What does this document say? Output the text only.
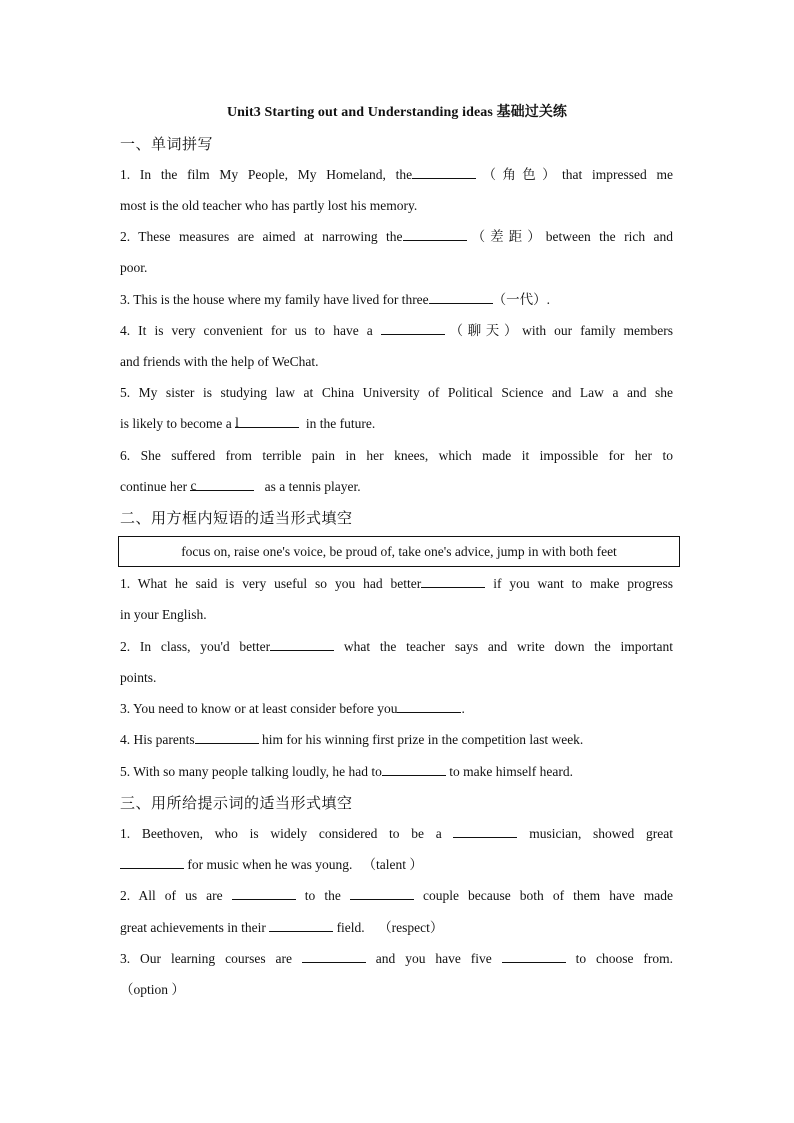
Unit3 Starting out and Understanding ideas 基础过关练
一、单词拼写
1. In the film My People, My Homeland, the	（角色）that impressed me
most is the old teacher who has partly lost his memory.
2. These measures are aimed at narrowing the	（差距）between the rich and
poor.
3. This is the house where my family have lived for three	（一代）.
4. It is very convenient for us to have a	（聊天）with our family members
and friends with the help of WeChat.
5. My sister is studying law at China University of Political Science and Law a and she
is likely to become a l	in the future.
6. She suffered from terrible pain in her knees, which made it impossible for her to
continue her c	as a tennis player.
二、用方框内短语的适当形式填空
focus on, raise one's voice, be proud of, take one's advice, jump in with both feet
1. What he said is very useful so you had better	if you want to make progress
in your English.
2. In class, you'd better	what the teacher says and write down the important
points.
3. You need to know or at least consider before you	.
4. His parents	him for his winning first prize in the competition last week.
5. With so many people talking loudly, he had to	to make himself heard.
三、用所给提示词的适当形式填空
1. Beethoven, who is widely considered to be a	musician, showed great
for music when he was young. （talent ）
2. All of us are	to the	couple because both of them have made
great achievements in their	field. （respect）
3. Our learning courses are	and you have five	to choose from.
（option ）
